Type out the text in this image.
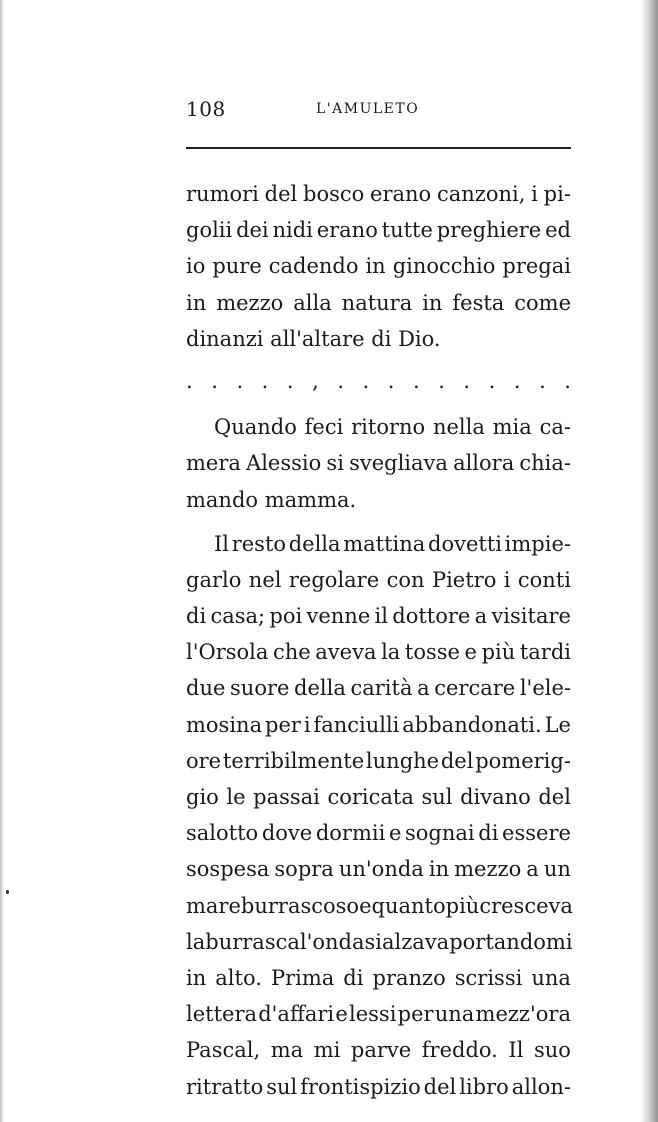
108	L'AMULETO
rumori del bosco erano canzoni, i pi-
golii dei nidi erano tutte preghiere ed
io pure cadendo in ginocchio pregai
in mezzo alla natura in festa come
dinanzi all'altare di Dio.
. . . . . , . . . . . . . . . .
Quando feci ritorno nella mia ca-
mera Alessio si svegliava allora chia-
mando mamma.
Il resto della mattina dovetti impie-
garlo nel regolare con Pietro i conti
di casa; poi venne il dottore a visitare
l'Orsola che aveva la tosse e più tardi
due suore della carità a cercare l'ele-
mosina per i fanciulli abbandonati. Le
ore terribilmente lunghe del pomerig-
gio le passai coricata sul divano del
salotto dove dormii e sognai di essere
sospesa sopra un'onda in mezzo a un
mare burrascoso e quanto più cresceva
la burrasca l'onda si alzava portandomi
in alto. Prima di pranzo scrissi una
lettera d'affari e lessi per una mezz'ora
Pascal, ma mi parve freddo. Il suo
ritratto sul frontispizio del libro allon-
